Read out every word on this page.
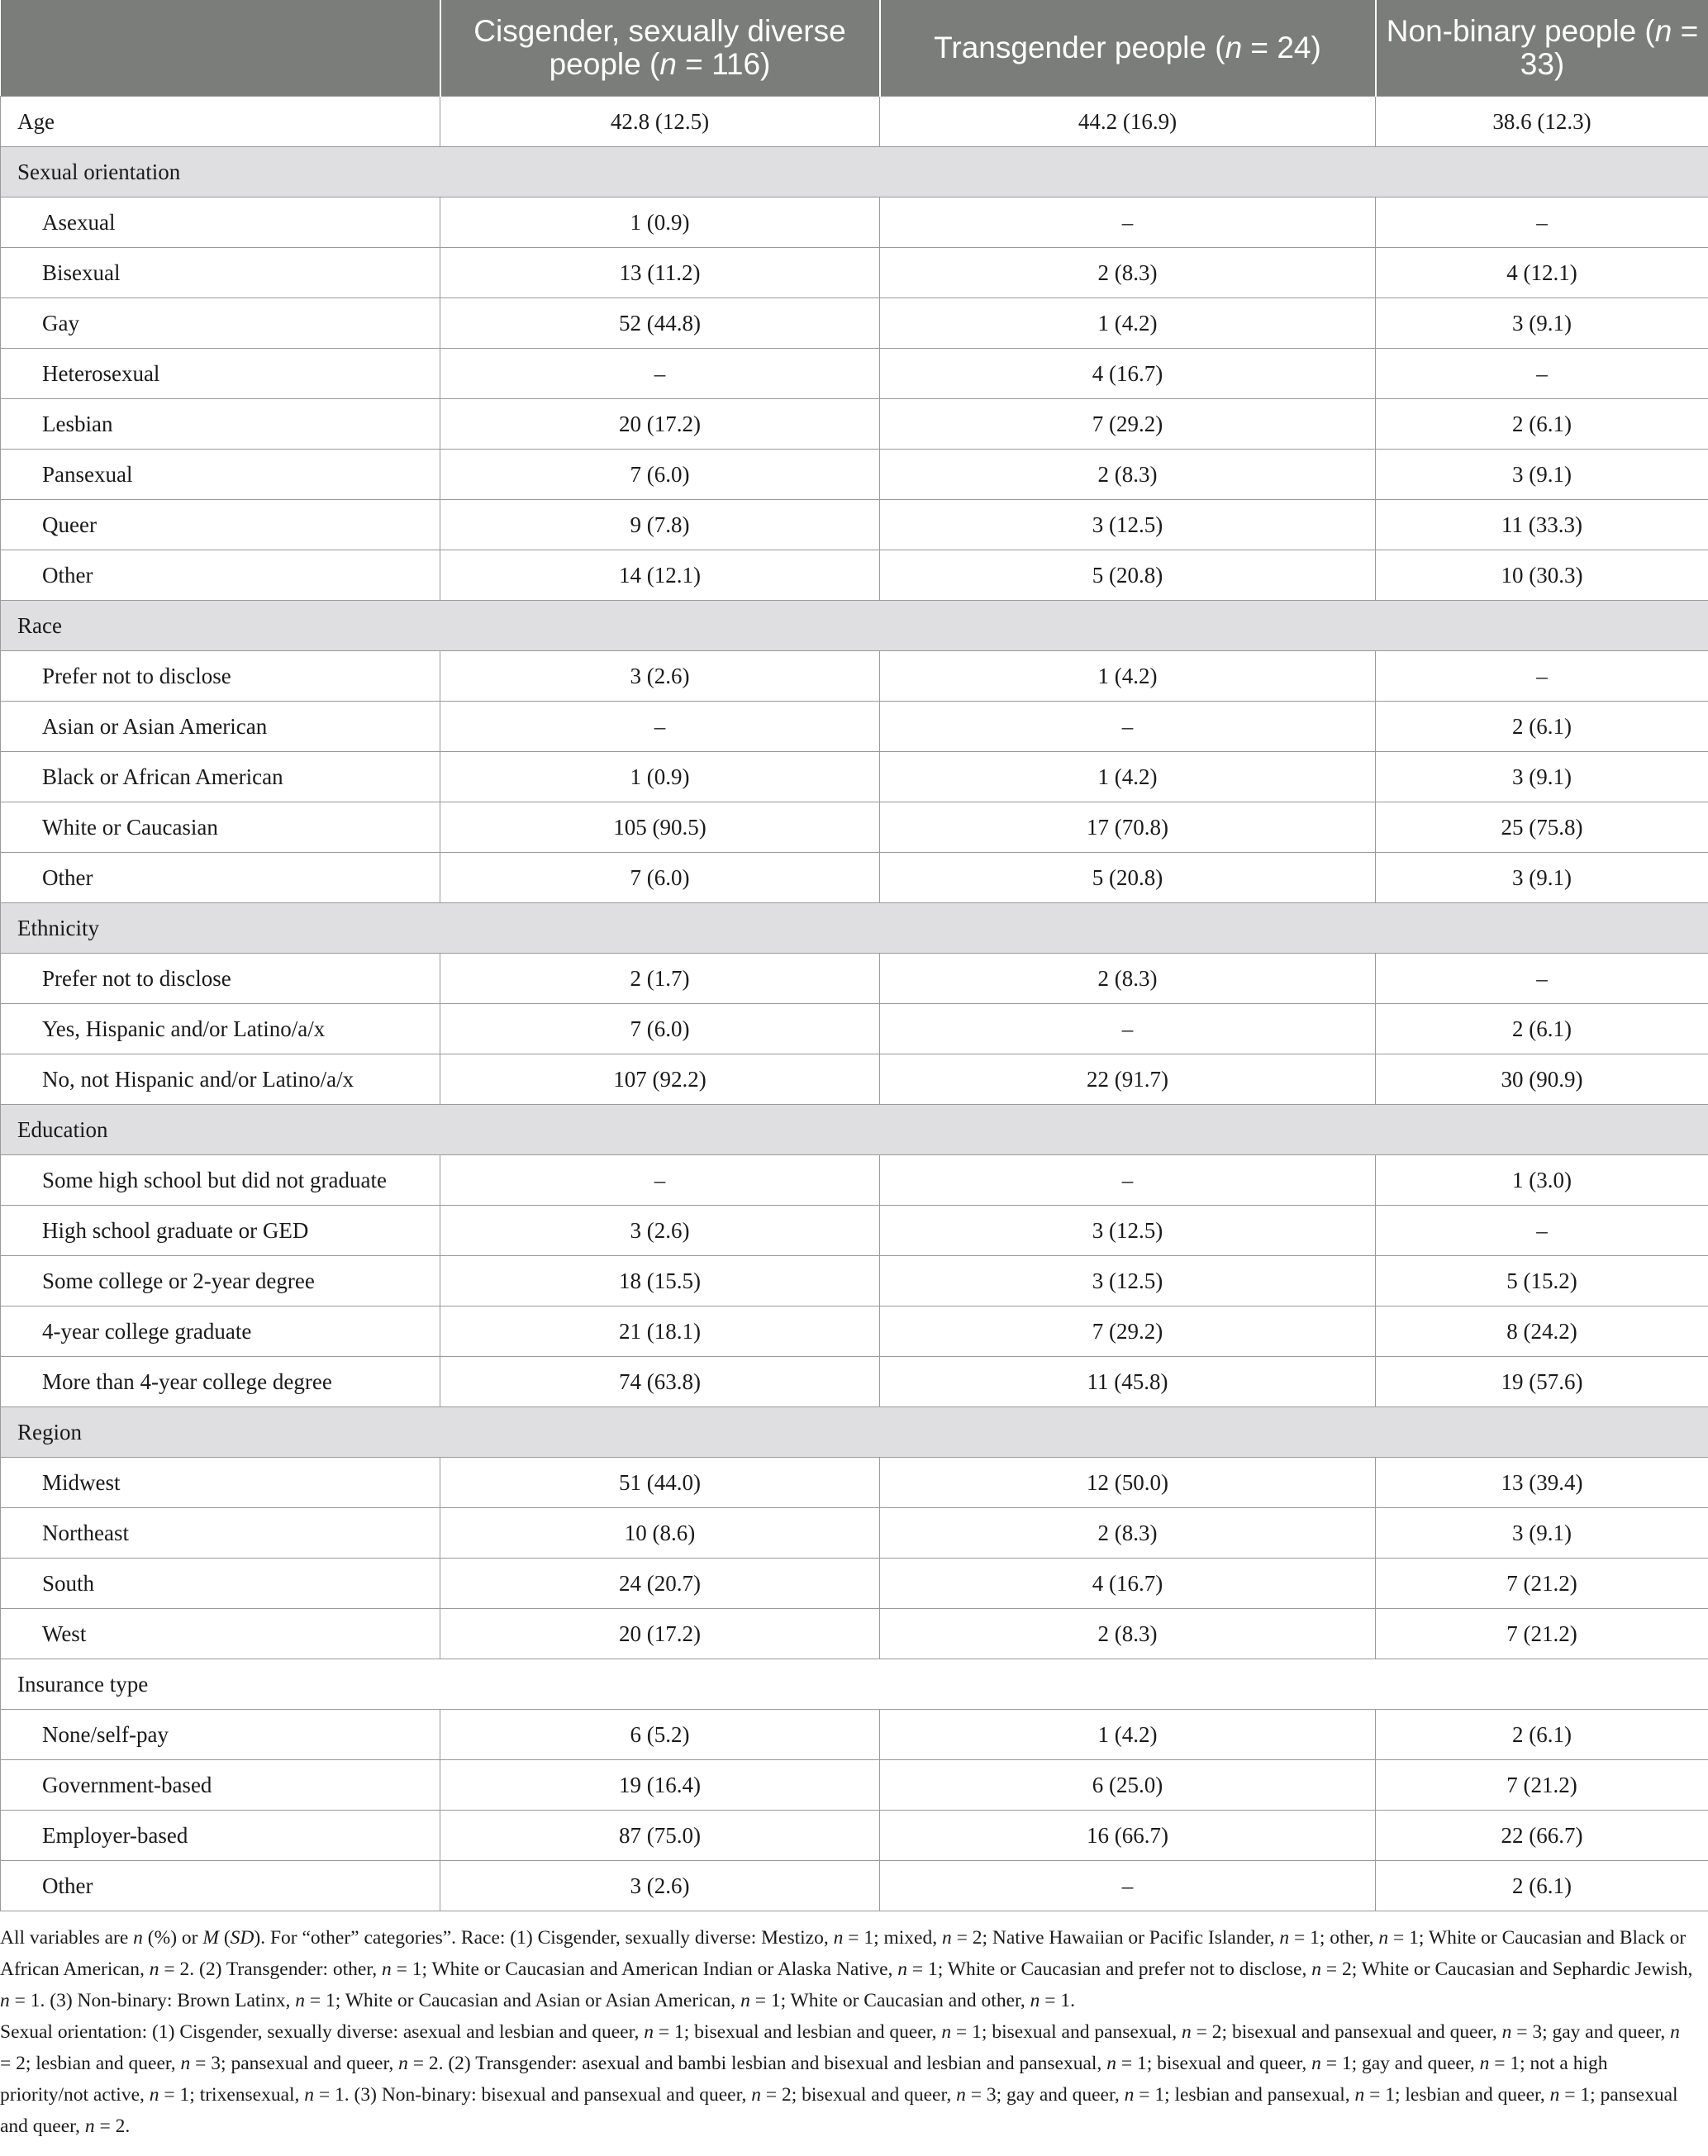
	Cisgender, sexually diverse people (n = 116)	Transgender people (n = 24)	Non-binary people (n = 33)
Age	42.8 (12.5)	44.2 (16.9)	38.6 (12.3)
Sexual orientation			
Asexual	1 (0.9)	–	–
Bisexual	13 (11.2)	2 (8.3)	4 (12.1)
Gay	52 (44.8)	1 (4.2)	3 (9.1)
Heterosexual	–	4 (16.7)	–
Lesbian	20 (17.2)	7 (29.2)	2 (6.1)
Pansexual	7 (6.0)	2 (8.3)	3 (9.1)
Queer	9 (7.8)	3 (12.5)	11 (33.3)
Other	14 (12.1)	5 (20.8)	10 (30.3)
Race			
Prefer not to disclose	3 (2.6)	1 (4.2)	–
Asian or Asian American	–	–	2 (6.1)
Black or African American	1 (0.9)	1 (4.2)	3 (9.1)
White or Caucasian	105 (90.5)	17 (70.8)	25 (75.8)
Other	7 (6.0)	5 (20.8)	3 (9.1)
Ethnicity			
Prefer not to disclose	2 (1.7)	2 (8.3)	–
Yes, Hispanic and/or Latino/a/x	7 (6.0)	–	2 (6.1)
No, not Hispanic and/or Latino/a/x	107 (92.2)	22 (91.7)	30 (90.9)
Education			
Some high school but did not graduate	–	–	1 (3.0)
High school graduate or GED	3 (2.6)	3 (12.5)	–
Some college or 2-year degree	18 (15.5)	3 (12.5)	5 (15.2)
4-year college graduate	21 (18.1)	7 (29.2)	8 (24.2)
More than 4-year college degree	74 (63.8)	11 (45.8)	19 (57.6)
Region			
Midwest	51 (44.0)	12 (50.0)	13 (39.4)
Northeast	10 (8.6)	2 (8.3)	3 (9.1)
South	24 (20.7)	4 (16.7)	7 (21.2)
West	20 (17.2)	2 (8.3)	7 (21.2)
Insurance type			
None/self-pay	6 (5.2)	1 (4.2)	2 (6.1)
Government-based	19 (16.4)	6 (25.0)	7 (21.2)
Employer-based	87 (75.0)	16 (66.7)	22 (66.7)
Other	3 (2.6)	–	2 (6.1)

All variables are n (%) or M (SD). For “other” categories”. Race: (1) Cisgender, sexually diverse: Mestizo, n = 1; mixed, n = 2; Native Hawaiian or Pacific Islander, n = 1; other, n = 1; White or Caucasian and Black or African American, n = 2. (2) Transgender: other, n = 1; White or Caucasian and American Indian or Alaska Native, n = 1; White or Caucasian and prefer not to disclose, n = 2; White or Caucasian and Sephardic Jewish, n = 1. (3) Non-binary: Brown Latinx, n = 1; White or Caucasian and Asian or Asian American, n = 1; White or Caucasian and other, n = 1.

Sexual orientation: (1) Cisgender, sexually diverse: asexual and lesbian and queer, n = 1; bisexual and lesbian and queer, n = 1; bisexual and pansexual, n = 2; bisexual and pansexual and queer, n = 3; gay and queer, n = 2; lesbian and queer, n = 3; pansexual and queer, n = 2. (2) Transgender: asexual and bambi lesbian and bisexual and lesbian and pansexual, n = 1; bisexual and queer, n = 1; gay and queer, n = 1; not a high priority/not active, n = 1; trixensexual, n = 1. (3) Non-binary: bisexual and pansexual and queer, n = 2; bisexual and queer, n = 3; gay and queer, n = 1; lesbian and pansexual, n = 1; lesbian and queer, n = 1; pansexual and queer, n = 2.
